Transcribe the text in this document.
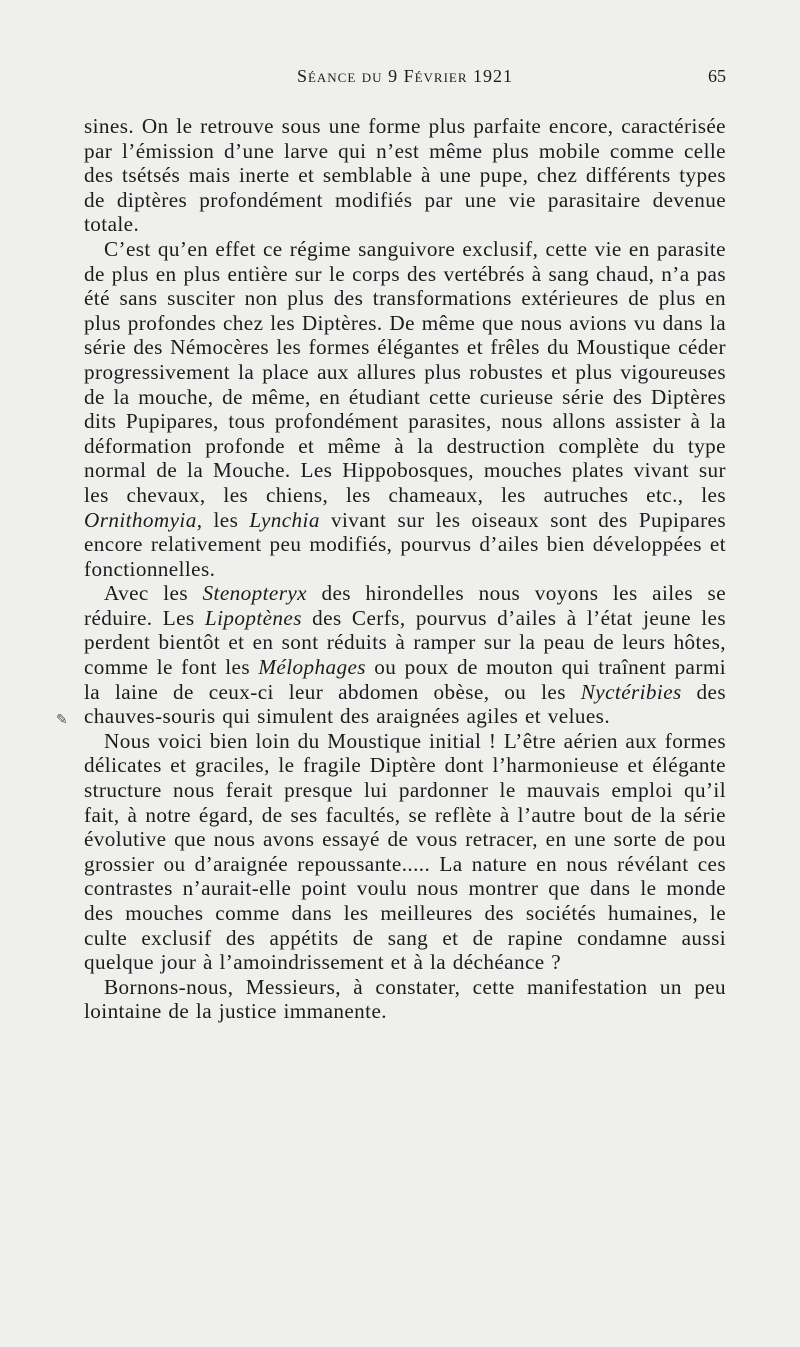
Séance du 9 Février 1921	65

sines. On le retrouve sous une forme plus parfaite encore, caractérisée par l’émission d’une larve qui n’est même plus mobile comme celle des tsétsés mais inerte et semblable à une pupe, chez différents types de diptères profondément modifiés par une vie parasitaire devenue totale.

C’est qu’en effet ce régime sanguivore exclusif, cette vie en parasite de plus en plus entière sur le corps des vertébrés à sang chaud, n’a pas été sans susciter non plus des transformations extérieures de plus en plus profondes chez les Diptères. De même que nous avions vu dans la série des Némocères les formes élégantes et frêles du Moustique céder progressivement la place aux allures plus robustes et plus vigoureuses de la mouche, de même, en étudiant cette curieuse série des Diptères dits Pupipares, tous profondément parasites, nous allons assister à la déformation profonde et même à la destruction complète du type normal de la Mouche. Les Hippobosques, mouches plates vivant sur les chevaux, les chiens, les chameaux, les autruches etc., les Ornithomyia, les Lynchia vivant sur les oiseaux sont des Pupipares encore relativement peu modifiés, pourvus d’ailes bien développées et fonctionnelles.

Avec les Stenopteryx des hirondelles nous voyons les ailes se réduire. Les Lipoptènes des Cerfs, pourvus d’ailes à l’état jeune les perdent bientôt et en sont réduits à ramper sur la peau de leurs hôtes, comme le font les Mélophages ou poux de mouton qui traînent parmi la laine de ceux-ci leur abdomen obèse, ou les Nyctéribies des chauves-souris qui simulent des araignées agiles et velues.

Nous voici bien loin du Moustique initial ! L’être aérien aux formes délicates et graciles, le fragile Diptère dont l’harmonieuse et élégante structure nous ferait presque lui pardonner le mauvais emploi qu’il fait, à notre égard, de ses facultés, se reflète à l’autre bout de la série évolutive que nous avons essayé de vous retracer, en une sorte de pou grossier ou d’araignée repoussante..... La nature en nous révélant ces contrastes n’aurait-elle point voulu nous montrer que dans le monde des mouches comme dans les meilleures des sociétés humaines, le culte exclusif des appétits de sang et de rapine condamne aussi quelque jour à l’amoindrissement et à la déchéance ?

Bornons-nous, Messieurs, à constater, cette manifestation un peu lointaine de la justice immanente.

✎
